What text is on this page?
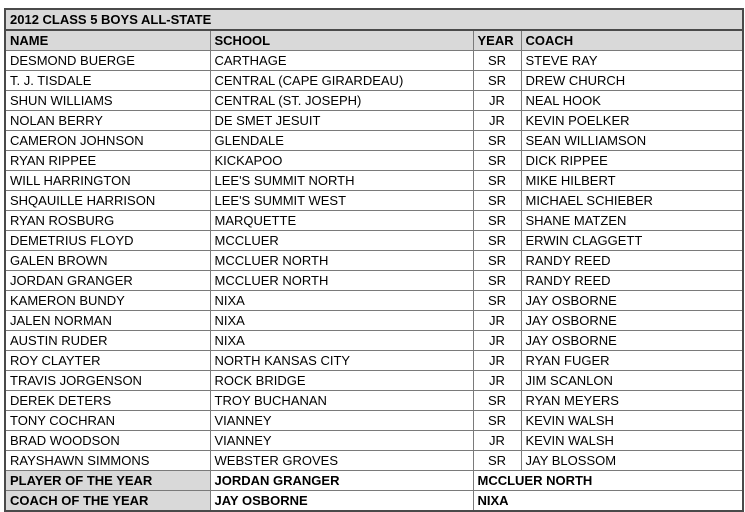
2012 CLASS 5 BOYS ALL-STATE			
NAME	SCHOOL	YEAR	COACH
DESMOND BUERGE	CARTHAGE	SR	STEVE RAY
T. J. TISDALE	CENTRAL (CAPE GIRARDEAU)	SR	DREW CHURCH
SHUN WILLIAMS	CENTRAL (ST. JOSEPH)	JR	NEAL HOOK
NOLAN BERRY	DE SMET JESUIT	JR	KEVIN POELKER
CAMERON JOHNSON	GLENDALE	SR	SEAN WILLIAMSON
RYAN RIPPEE	KICKAPOO	SR	DICK RIPPEE
WILL HARRINGTON	LEE'S SUMMIT NORTH	SR	MIKE HILBERT
SHQAUILLE HARRISON	LEE'S SUMMIT WEST	SR	MICHAEL SCHIEBER
RYAN ROSBURG	MARQUETTE	SR	SHANE MATZEN
DEMETRIUS FLOYD	MCCLUER	SR	ERWIN CLAGGETT
GALEN BROWN	MCCLUER NORTH	SR	RANDY REED
JORDAN GRANGER	MCCLUER NORTH	SR	RANDY REED
KAMERON BUNDY	NIXA	SR	JAY OSBORNE
JALEN NORMAN	NIXA	JR	JAY OSBORNE
AUSTIN RUDER	NIXA	JR	JAY OSBORNE
ROY CLAYTER	NORTH KANSAS CITY	JR	RYAN FUGER
TRAVIS JORGENSON	ROCK BRIDGE	JR	JIM SCANLON
DEREK DETERS	TROY BUCHANAN	SR	RYAN MEYERS
TONY COCHRAN	VIANNEY	SR	KEVIN WALSH
BRAD WOODSON	VIANNEY	JR	KEVIN WALSH
RAYSHAWN SIMMONS	WEBSTER GROVES	SR	JAY BLOSSOM
PLAYER OF THE YEAR	JORDAN GRANGER	MCCLUER NORTH	
COACH OF THE YEAR	JAY OSBORNE	NIXA	
